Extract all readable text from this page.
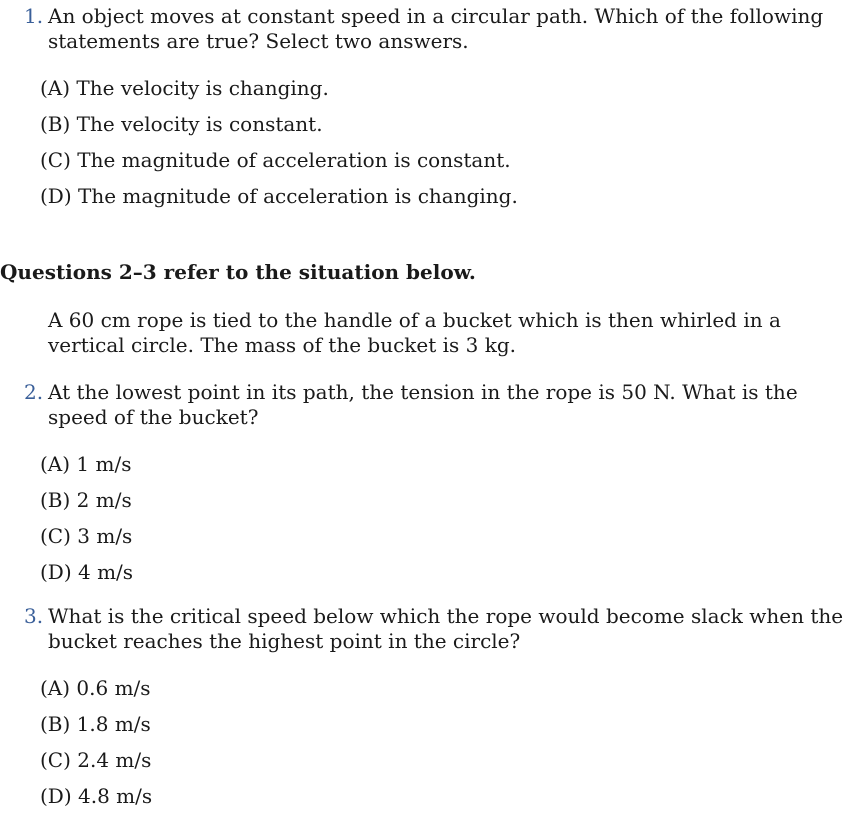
1. An object moves at constant speed in a circular path. Which of the following statements are true? Select two answers.
(A) The velocity is changing.
(B) The velocity is constant.
(C) The magnitude of acceleration is constant.
(D) The magnitude of acceleration is changing.
Questions 2–3 refer to the situation below.

A 60 cm rope is tied to the handle of a bucket which is then whirled in a vertical circle. The mass of the bucket is 3 kg.

2. At the lowest point in its path, the tension in the rope is 50 N. What is the speed of the bucket?
(A) 1 m/s
(B) 2 m/s
(C) 3 m/s
(D) 4 m/s
3. What is the critical speed below which the rope would become slack when the bucket reaches the highest point in the circle?
(A) 0.6 m/s
(B) 1.8 m/s
(C) 2.4 m/s
(D) 4.8 m/s
